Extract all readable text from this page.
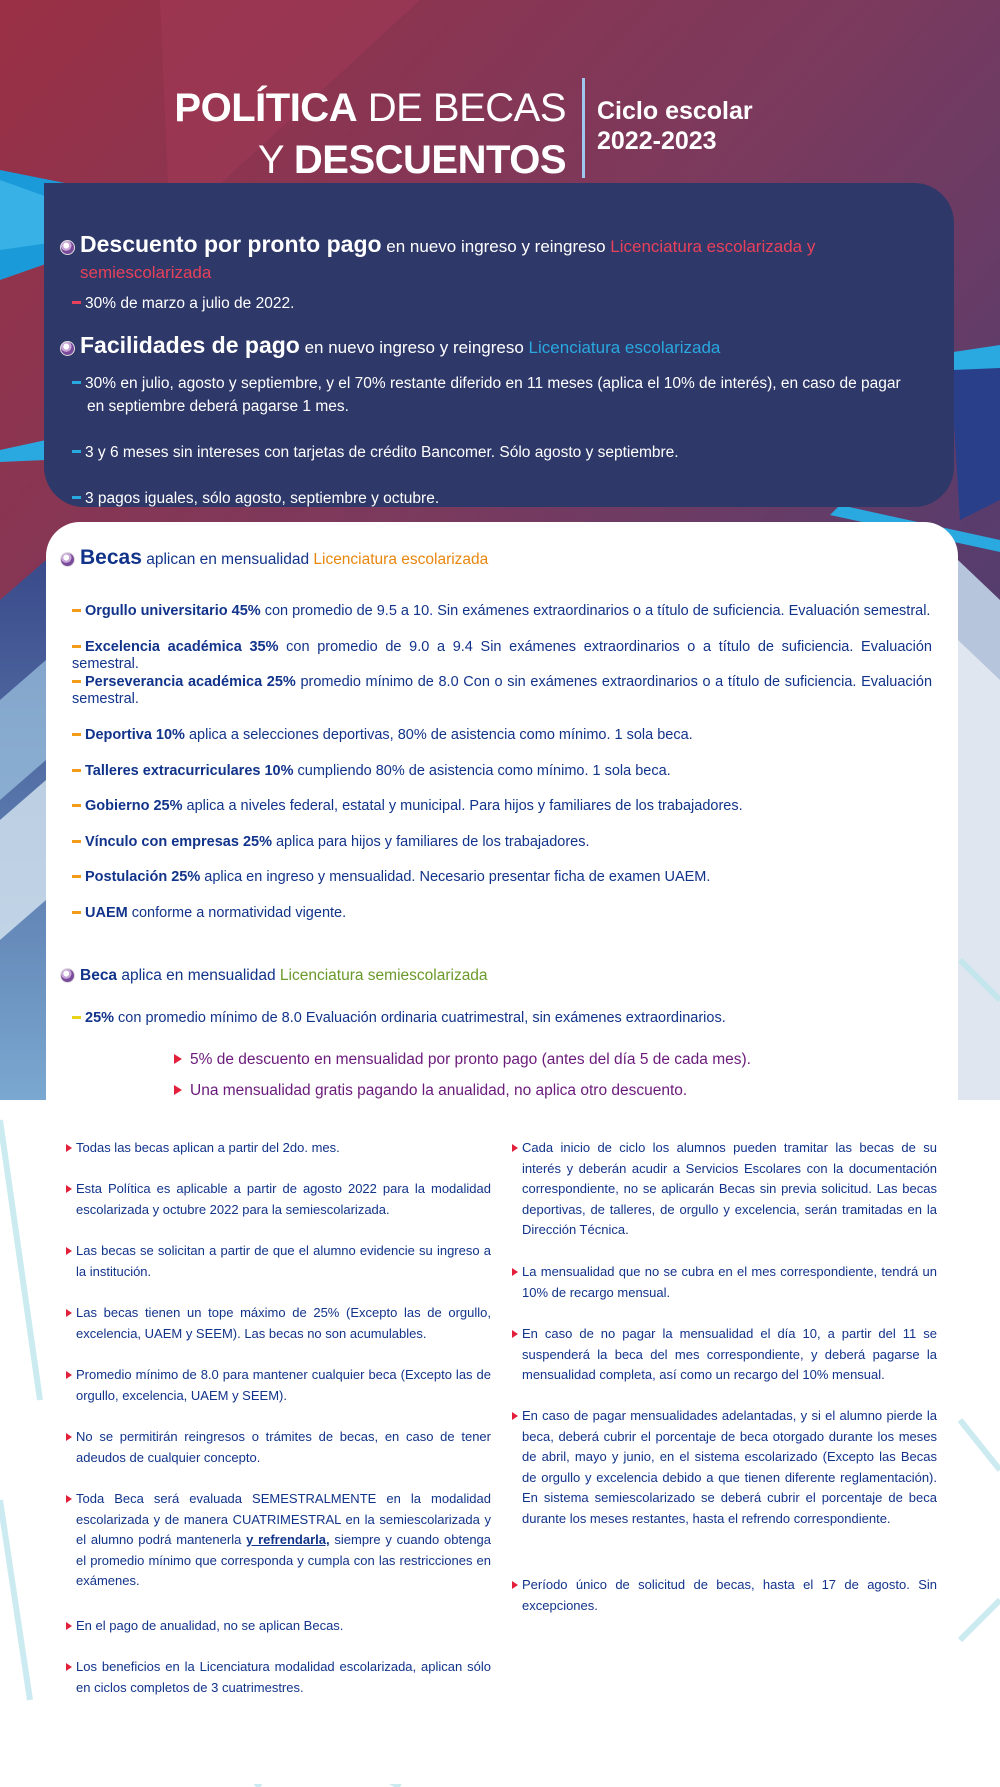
POLÍTICA DE BECAS
Y DESCUENTOS
Ciclo escolar
2022-2023
Descuento por pronto pago en nuevo ingreso y reingreso Licenciatura escolarizada y
semiescolarizada
30% de marzo a julio de 2022.
Facilidades de pago en nuevo ingreso y reingreso Licenciatura escolarizada
30% en julio, agosto y septiembre, y el 70% restante diferido en 11 meses (aplica el 10% de interés), en caso de pagar
en septiembre deberá pagarse 1 mes.
3 y 6 meses sin intereses con tarjetas de crédito Bancomer. Sólo agosto y septiembre.
3 pagos iguales, sólo agosto, septiembre y octubre.
Becas aplican en mensualidad Licenciatura escolarizada
Orgullo universitario 45% con promedio de 9.5 a 10. Sin exámenes extraordinarios o a título de suficiencia. Evaluación semestral.
Excelencia académica 35% con promedio de 9.0 a 9.4 Sin exámenes extraordinarios o a título de suficiencia. Evaluación semestral.
Perseverancia académica 25% promedio mínimo de 8.0 Con o sin exámenes extraordinarios o a título de suficiencia. Evaluación semestral.
Deportiva 10% aplica a selecciones deportivas, 80% de asistencia como mínimo. 1 sola beca.
Talleres extracurriculares 10% cumpliendo 80% de asistencia como mínimo. 1 sola beca.
Gobierno 25% aplica a niveles federal, estatal y municipal. Para hijos y familiares de los trabajadores.
Vínculo con empresas 25% aplica para hijos y familiares de los trabajadores.
Postulación 25% aplica en ingreso y mensualidad. Necesario presentar ficha de examen UAEM.
UAEM conforme a normatividad vigente.
Beca aplica en mensualidad Licenciatura semiescolarizada
25% con promedio mínimo de 8.0 Evaluación ordinaria cuatrimestral, sin exámenes extraordinarios.
5% de descuento en mensualidad por pronto pago (antes del día 5 de cada mes).
Una mensualidad gratis pagando la anualidad, no aplica otro descuento.

Todas las becas aplican a partir del 2do. mes.

Esta Política es aplicable a partir de agosto 2022 para la modalidad escolarizada y octubre 2022 para la semiescolarizada.

Las becas se solicitan a partir de que el alumno evidencie su ingreso a la institución.

Las becas tienen un tope máximo de 25% (Excepto las de orgullo, excelencia, UAEM y SEEM). Las becas no son acumulables.

Promedio mínimo de 8.0 para mantener cualquier beca (Excepto las de orgullo, excelencia, UAEM y SEEM).

No se permitirán reingresos o trámites de becas, en caso de tener adeudos de cualquier concepto.

Toda Beca será evaluada SEMESTRALMENTE en la modalidad escolarizada y de manera CUATRIMESTRAL en la semiescolarizada y el alumno podrá mantenerla y refrendarla, siempre y cuando obtenga el promedio mínimo que corresponda y cumpla con las restricciones en exámenes.

En el pago de anualidad, no se aplican Becas.

Los beneficios en la Licenciatura modalidad escolarizada, aplican sólo en ciclos completos de 3 cuatrimestres.

Cada inicio de ciclo los alumnos pueden tramitar las becas de su interés y deberán acudir a Servicios Escolares con la documentación correspondiente, no se aplicarán Becas sin previa solicitud. Las becas deportivas, de talleres, de orgullo y excelencia, serán tramitadas en la Dirección Técnica.

La mensualidad que no se cubra en el mes correspondiente, tendrá un 10% de recargo mensual.

En caso de no pagar la mensualidad el día 10, a partir del 11 se suspenderá la beca del mes correspondiente, y deberá pagarse la mensualidad completa, así como un recargo del 10% mensual.

En caso de pagar mensualidades adelantadas, y si el alumno pierde la beca, deberá cubrir el porcentaje de beca otorgado durante los meses de abril, mayo y junio, en el sistema escolarizado (Excepto las Becas de orgullo y excelencia debido a que tienen diferente reglamentación). En sistema semiescolarizado se deberá cubrir el porcentaje de beca durante los meses restantes, hasta el refrendo correspondiente.

Período único de solicitud de becas, hasta el 17 de agosto. Sin excepciones.
